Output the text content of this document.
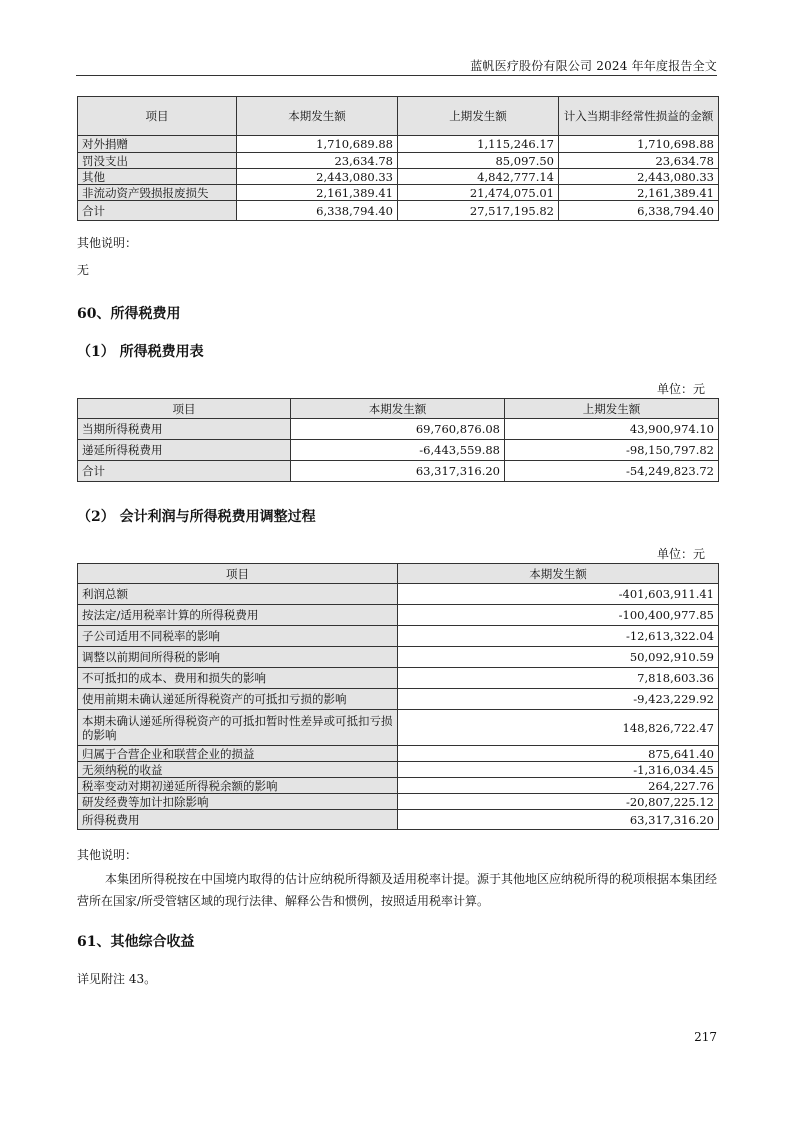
蓝帆医疗股份有限公司 2024 年年度报告全文
项目	本期发生额	上期发生额	计入当期非经常性损益的金额
对外捐赠	1,710,689.88	1,115,246.17	1,710,698.88
罚没支出	23,634.78	85,097.50	23,634.78
其他	2,443,080.33	4,842,777.14	2,443,080.33
非流动资产毁损报废损失	2,161,389.41	21,474,075.01	2,161,389.41
合计	6,338,794.40	27,517,195.82	6,338,794.40
其他说明：
无
60、所得税费用
（1） 所得税费用表
单位：元
项目	本期发生额	上期发生额
当期所得税费用	69,760,876.08	43,900,974.10
递延所得税费用	-6,443,559.88	-98,150,797.82
合计	63,317,316.20	-54,249,823.72
（2） 会计利润与所得税费用调整过程
单位：元
项目	本期发生额
利润总额	-401,603,911.41
按法定/适用税率计算的所得税费用	-100,400,977.85
子公司适用不同税率的影响	-12,613,322.04
调整以前期间所得税的影响	50,092,910.59
不可抵扣的成本、费用和损失的影响	7,818,603.36
使用前期未确认递延所得税资产的可抵扣亏损的影响	-9,423,229.92
本期未确认递延所得税资产的可抵扣暂时性差异或可抵扣亏损的影响	148,826,722.47
归属于合营企业和联营企业的损益	875,641.40
无须纳税的收益	-1,316,034.45
税率变动对期初递延所得税余额的影响	264,227.76
研发经费等加计扣除影响	-20,807,225.12
所得税费用	63,317,316.20
其他说明：
本集团所得税按在中国境内取得的估计应纳税所得额及适用税率计提。源于其他地区应纳税所得的税项根据本集团经营所在国家/所受管辖区域的现行法律、解释公告和惯例，按照适用税率计算。
61、其他综合收益
详见附注 43。
217
